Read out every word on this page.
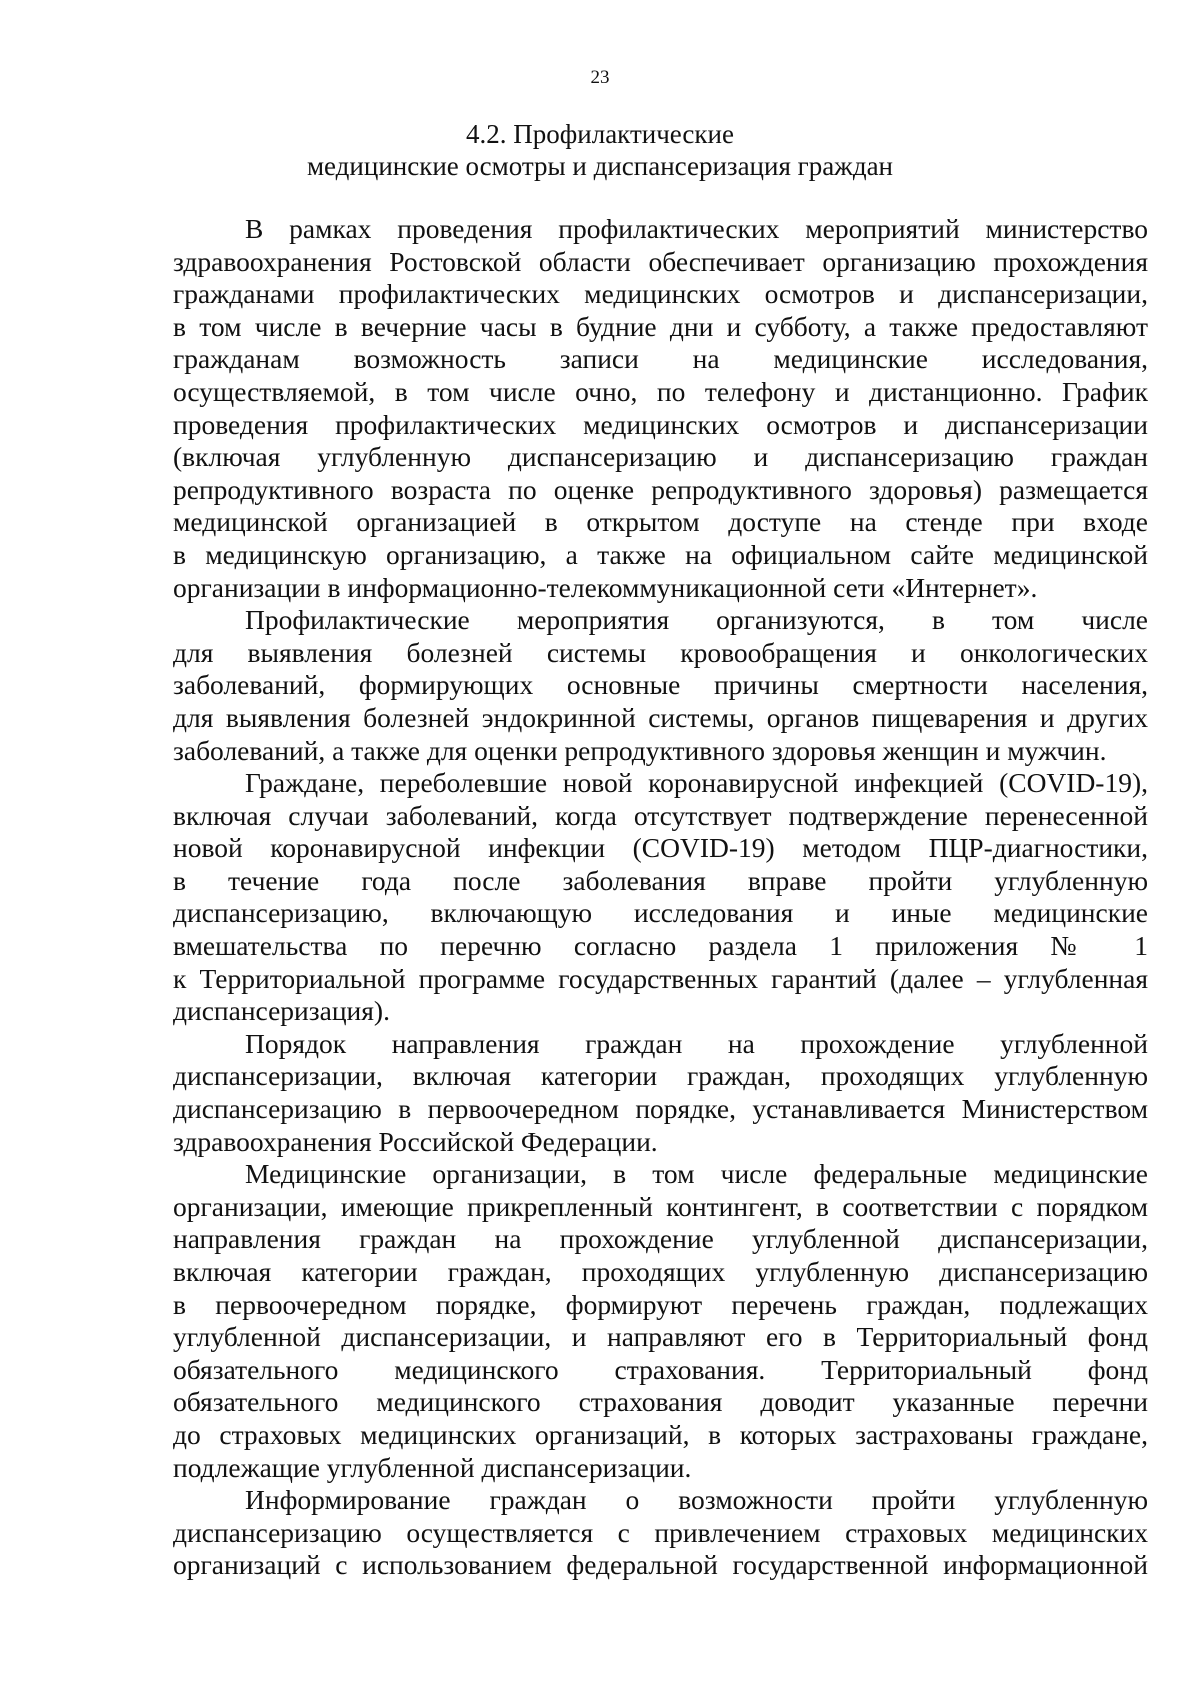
23
4.2. Профилактические
медицинские осмотры и диспансеризация граждан
В рамках проведения профилактических мероприятий министерство
здравоохранения Ростовской области обеспечивает организацию прохождения
гражданами профилактических медицинских осмотров и диспансеризации,
в том числе в вечерние часы в будние дни и субботу, а также предоставляют
гражданам возможность записи на медицинские исследования,
осуществляемой, в том числе очно, по телефону и дистанционно. График
проведения профилактических медицинских осмотров и диспансеризации
(включая углубленную диспансеризацию и диспансеризацию граждан
репродуктивного возраста по оценке репродуктивного здоровья) размещается
медицинской организацией в открытом доступе на стенде при входе
в медицинскую организацию, а также на официальном сайте медицинской
организации в информационно-телекоммуникационной сети «Интернет».
Профилактические мероприятия организуются, в том числе
для выявления болезней системы кровообращения и онкологических
заболеваний, формирующих основные причины смертности населения,
для выявления болезней эндокринной системы, органов пищеварения и других
заболеваний, а также для оценки репродуктивного здоровья женщин и мужчин.
Граждане, переболевшие новой коронавирусной инфекцией (COVID-19),
включая случаи заболеваний, когда отсутствует подтверждение перенесенной
новой коронавирусной инфекции (COVID-19) методом ПЦР-диагностики,
в течение года после заболевания вправе пройти углубленную
диспансеризацию, включающую исследования и иные медицинские
вмешательства по перечню согласно раздела 1 приложения № 1
к Территориальной программе государственных гарантий (далее – углубленная
диспансеризация).
Порядок направления граждан на прохождение углубленной
диспансеризации, включая категории граждан, проходящих углубленную
диспансеризацию в первоочередном порядке, устанавливается Министерством
здравоохранения Российской Федерации.
Медицинские организации, в том числе федеральные медицинские
организации, имеющие прикрепленный контингент, в соответствии с порядком
направления граждан на прохождение углубленной диспансеризации,
включая категории граждан, проходящих углубленную диспансеризацию
в первоочередном порядке, формируют перечень граждан, подлежащих
углубленной диспансеризации, и направляют его в Территориальный фонд
обязательного медицинского страхования. Территориальный фонд
обязательного медицинского страхования доводит указанные перечни
до страховых медицинских организаций, в которых застрахованы граждане,
подлежащие углубленной диспансеризации.
Информирование граждан о возможности пройти углубленную
диспансеризацию осуществляется с привлечением страховых медицинских
организаций с использованием федеральной государственной информационной
